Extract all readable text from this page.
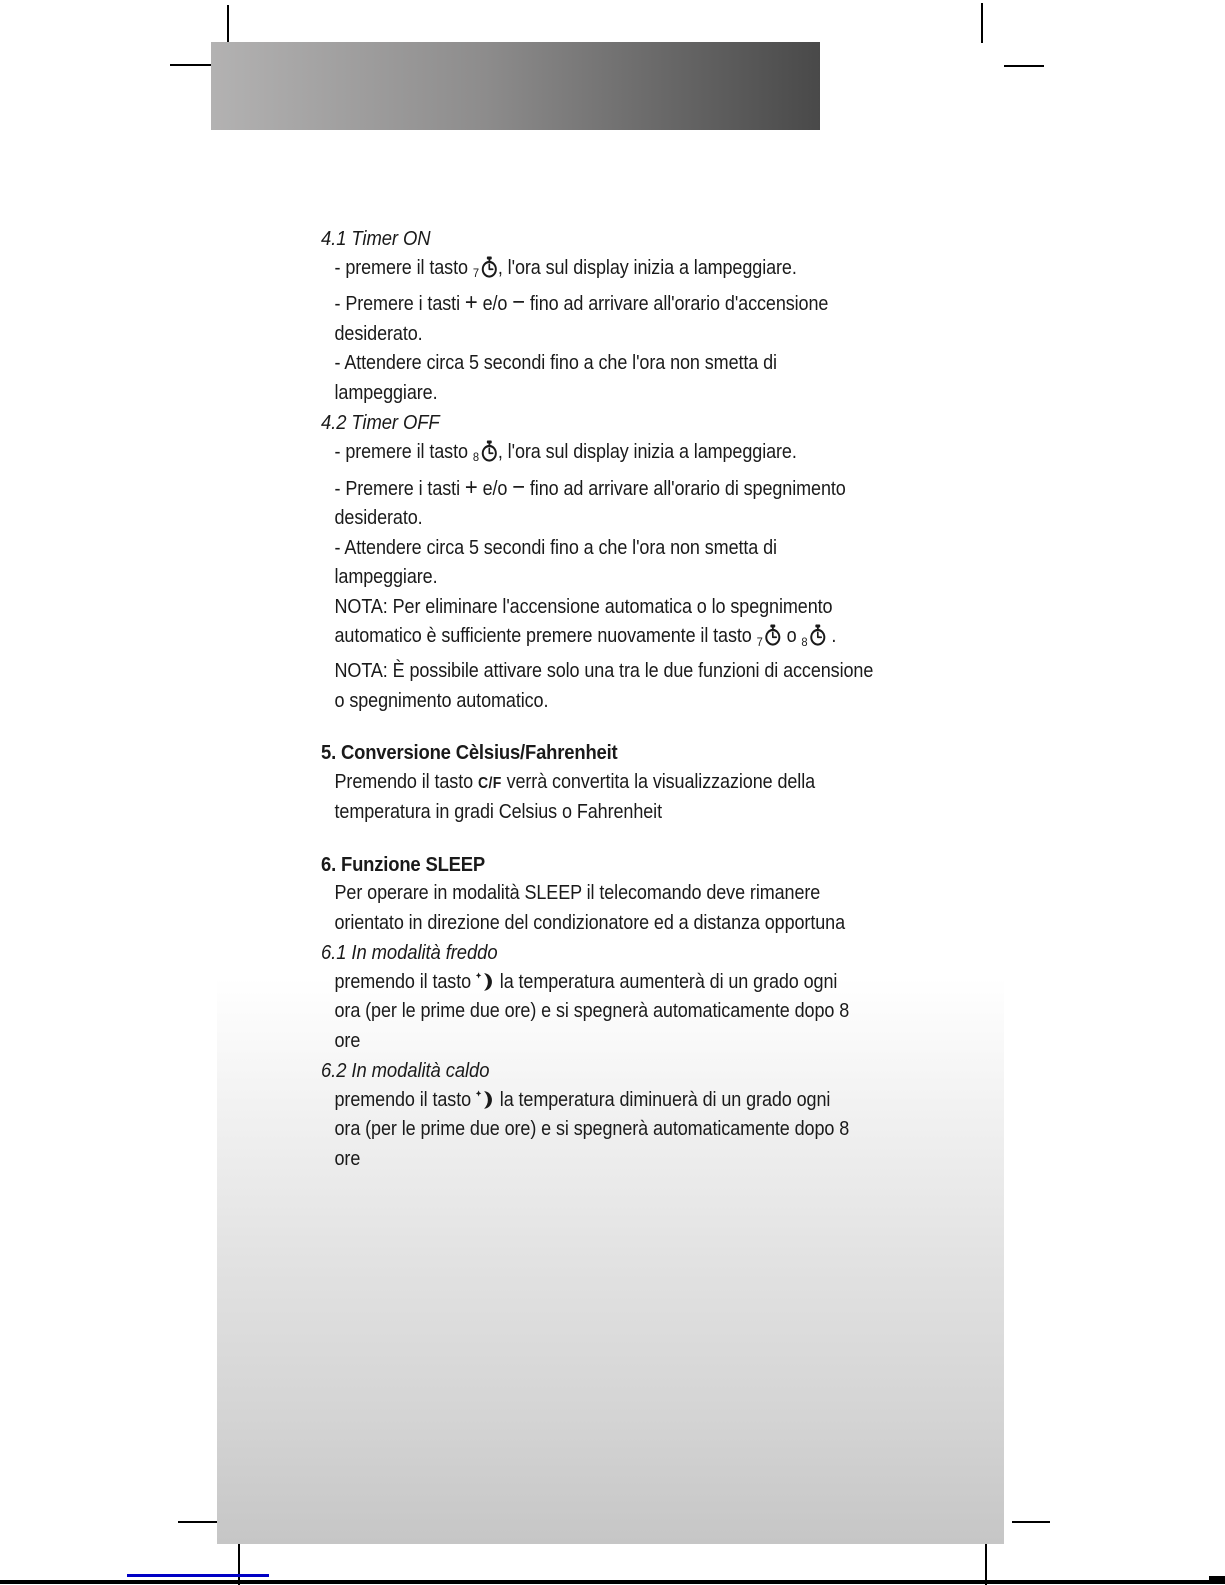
4.1 Timer ON
- premere il tasto $_7$ , l'ora sul display inizia a lampeggiare.
- Premere i tasti + e/o − fino ad arrivare all'orario d'accensione
desiderato.
- Attendere circa 5 secondi fino a che l'ora non smetta di
lampeggiare.
4.2 Timer OFF
- premere il tasto $_8$ , l'ora sul display inizia a lampeggiare.
- Premere i tasti + e/o − fino ad arrivare all'orario di spegnimento
desiderato.
- Attendere circa 5 secondi fino a che l'ora non smetta di
lampeggiare.
NOTA: Per eliminare l'accensione automatica o lo spegnimento
automatico è sufficiente premere nuovamente il tasto $_7$ o $_8$ .
NOTA: È possibile attivare solo una tra le due funzioni di accensione
o spegnimento automatico.
5. Conversione Cèlsius/Fahrenheit
Premendo il tasto C/F verrà convertita la visualizzazione della
temperatura in gradi Celsius o Fahrenheit
6. Funzione SLEEP
Per operare in modalità SLEEP il telecomando deve rimanere
orientato in direzione del condizionatore ed a distanza opportuna
6.1 In modalità freddo
premendo il tasto  la temperatura aumenterà di un grado ogni
ora (per le prime due ore) e si spegnerà automaticamente dopo 8
ore
6.2 In modalità caldo
premendo il tasto  la temperatura diminuerà di un grado ogni
ora (per le prime due ore) e si spegnerà automaticamente dopo 8
ore
